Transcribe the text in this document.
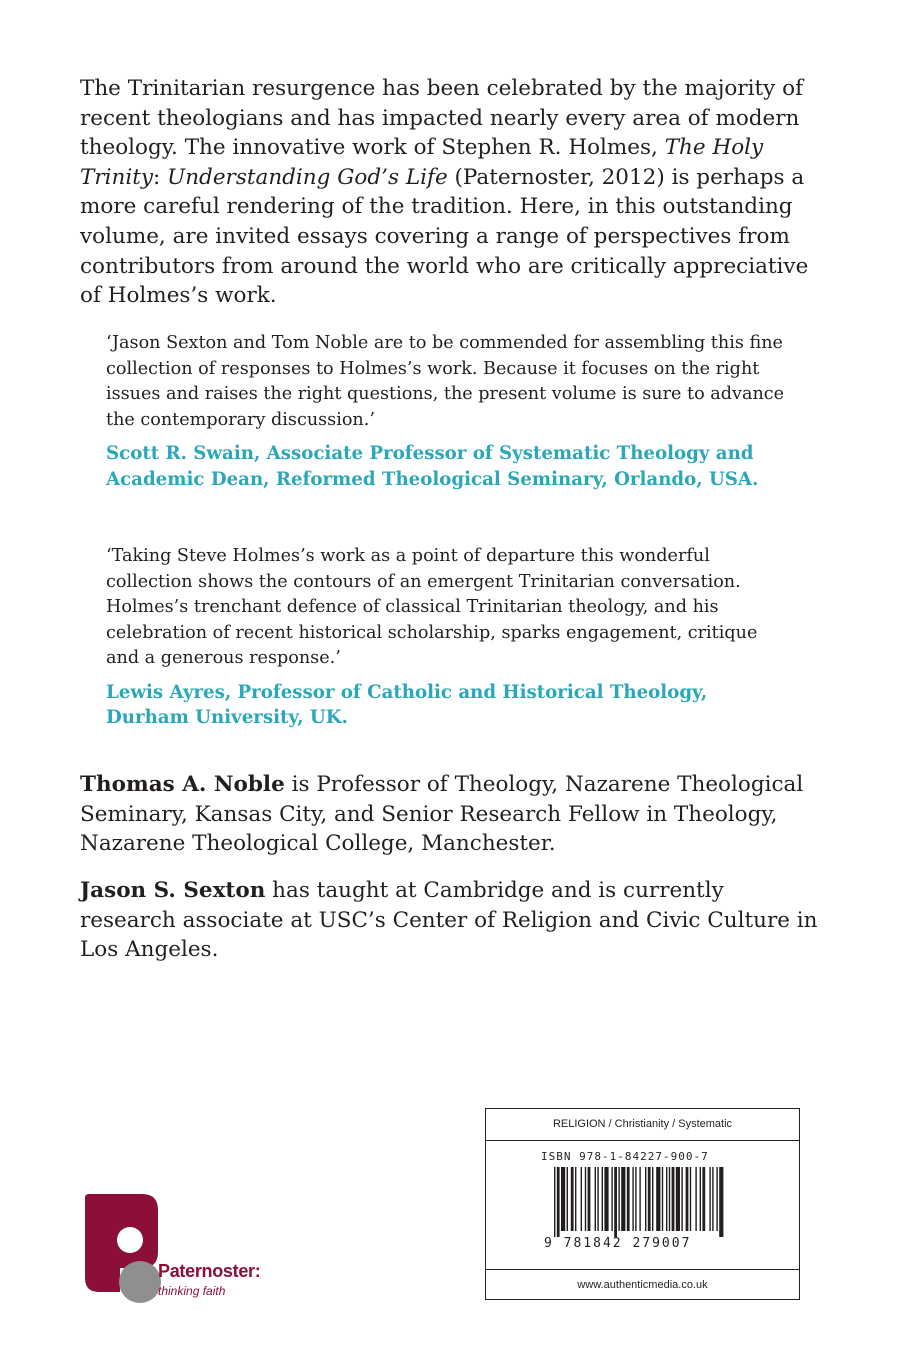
The Trinitarian resurgence has been celebrated by the majority of recent theologians and has impacted nearly every area of modern theology. The innovative work of Stephen R. Holmes, The Holy Trinity: Understanding God’s Life (Paternoster, 2012) is perhaps a more careful rendering of the tradition. Here, in this outstanding volume, are invited essays covering a range of perspectives from contributors from around the world who are critically appreciative of Holmes’s work.

‘Jason Sexton and Tom Noble are to be commended for assembling this fine collection of responses to Holmes’s work. Because it focuses on the right issues and raises the right questions, the present volume is sure to advance the contemporary discussion.’

Scott R. Swain, Associate Professor of Systematic Theology and Academic Dean, Reformed Theological Seminary, Orlando, USA.

‘Taking Steve Holmes’s work as a point of departure this wonderful collection shows the contours of an emergent Trinitarian conversation. Holmes’s trenchant defence of classical Trinitarian theology, and his celebration of recent historical scholarship, sparks engagement, critique and a generous response.’

Lewis Ayres, Professor of Catholic and Historical Theology, Durham University, UK.

Thomas A. Noble is Professor of Theology, Nazarene Theological Seminary, Kansas City, and Senior Research Fellow in Theology, Nazarene Theological College, Manchester.

Jason S. Sexton has taught at Cambridge and is currently research associate at USC’s Center of Religion and Civic Culture in Los Angeles.

Paternoster:
thinking faith
RELIGION / Christianity / Systematic
ISBN 978-1-84227-900-7
9 781842 279007
www.authenticmedia.co.uk
